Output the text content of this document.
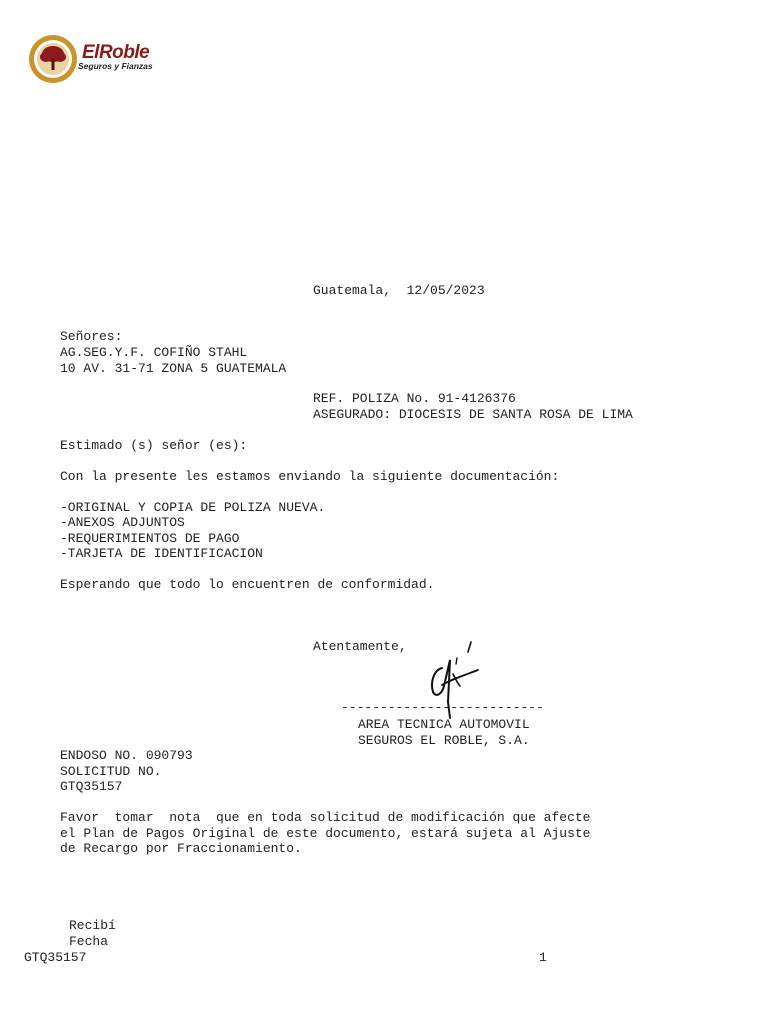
ElRoble
Seguros y Fianzas
Guatemala,  12/05/2023
Señores:
AG.SEG.Y.F. COFIÑO STAHL
10 AV. 31-71 ZONA 5 GUATEMALA
REF. POLIZA No. 91-4126376
ASEGURADO: DIOCESIS DE SANTA ROSA DE LIMA
Estimado (s) señor (es):
Con la presente les estamos enviando la siguiente documentación:
-ORIGINAL Y COPIA DE POLIZA NUEVA.
-ANEXOS ADJUNTOS
-REQUERIMIENTOS DE PAGO
-TARJETA DE IDENTIFICACION
Esperando que todo lo encuentren de conformidad.
Atentamente,
--------------------------
AREA TECNICA AUTOMOVIL
SEGUROS EL ROBLE, S.A.
ENDOSO NO. 090793
SOLICITUD NO.
GTQ35157
Favor  tomar  nota  que en toda solicitud de modificación que afecte
el Plan de Pagos Original de este documento, estará sujeta al Ajuste
de Recargo por Fraccionamiento.
Recibí
Fecha
GTQ35157	1
